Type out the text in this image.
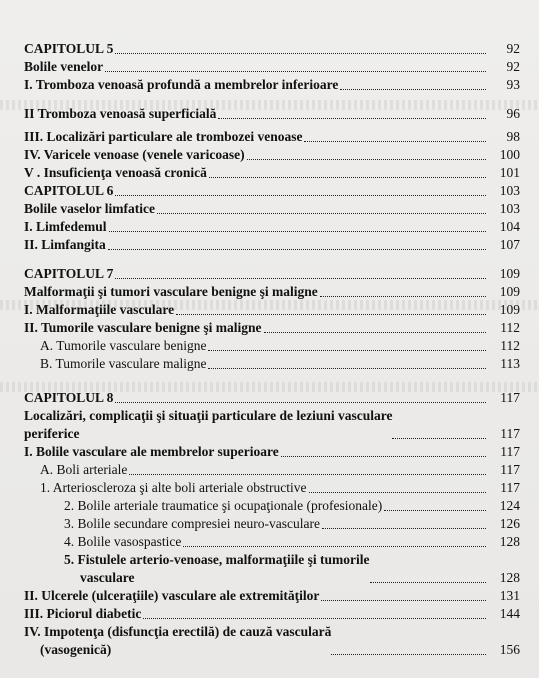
CAPITOLUL 5	92
Bolile venelor	92
I. Tromboza venoasă profundă a membrelor inferioare	93
II Tromboza venoasă superficială	96
III. Localizări particulare ale trombozei venoase	98
IV. Varicele venoase (venele varicoase)	100
V . Insuficienţa venoasă cronică	101
CAPITOLUL 6	103
Bolile vaselor limfatice	103
I. Limfedemul	104
II. Limfangita	107
CAPITOLUL 7	109
Malformaţii şi tumori vasculare benigne şi maligne	109
I. Malformaţiile vasculare	109
II. Tumorile vasculare benigne şi maligne	112
A. Tumorile vasculare benigne	112
B. Tumorile vasculare maligne	113
CAPITOLUL 8	117
Localizări, complicaţii şi situaţii particulare de leziuni vasculare
periferice	117
I. Bolile vasculare ale membrelor superioare	117
A. Boli arteriale	117
1. Arterioscleroza şi alte boli arteriale obstructive	117
2. Bolile arteriale traumatice şi ocupaţionale (profesionale)	124
3. Bolile secundare compresiei neuro-vasculare	126
4. Bolile vasospastice	128
5. Fistulele arterio-venoase, malformaţiile şi tumorile
vasculare	128
II. Ulcerele (ulceraţiile) vasculare ale extremităţilor	131
III. Piciorul diabetic	144
IV. Impotenţa (disfuncţia erectilă) de cauză vasculară
(vasogenică)	156
